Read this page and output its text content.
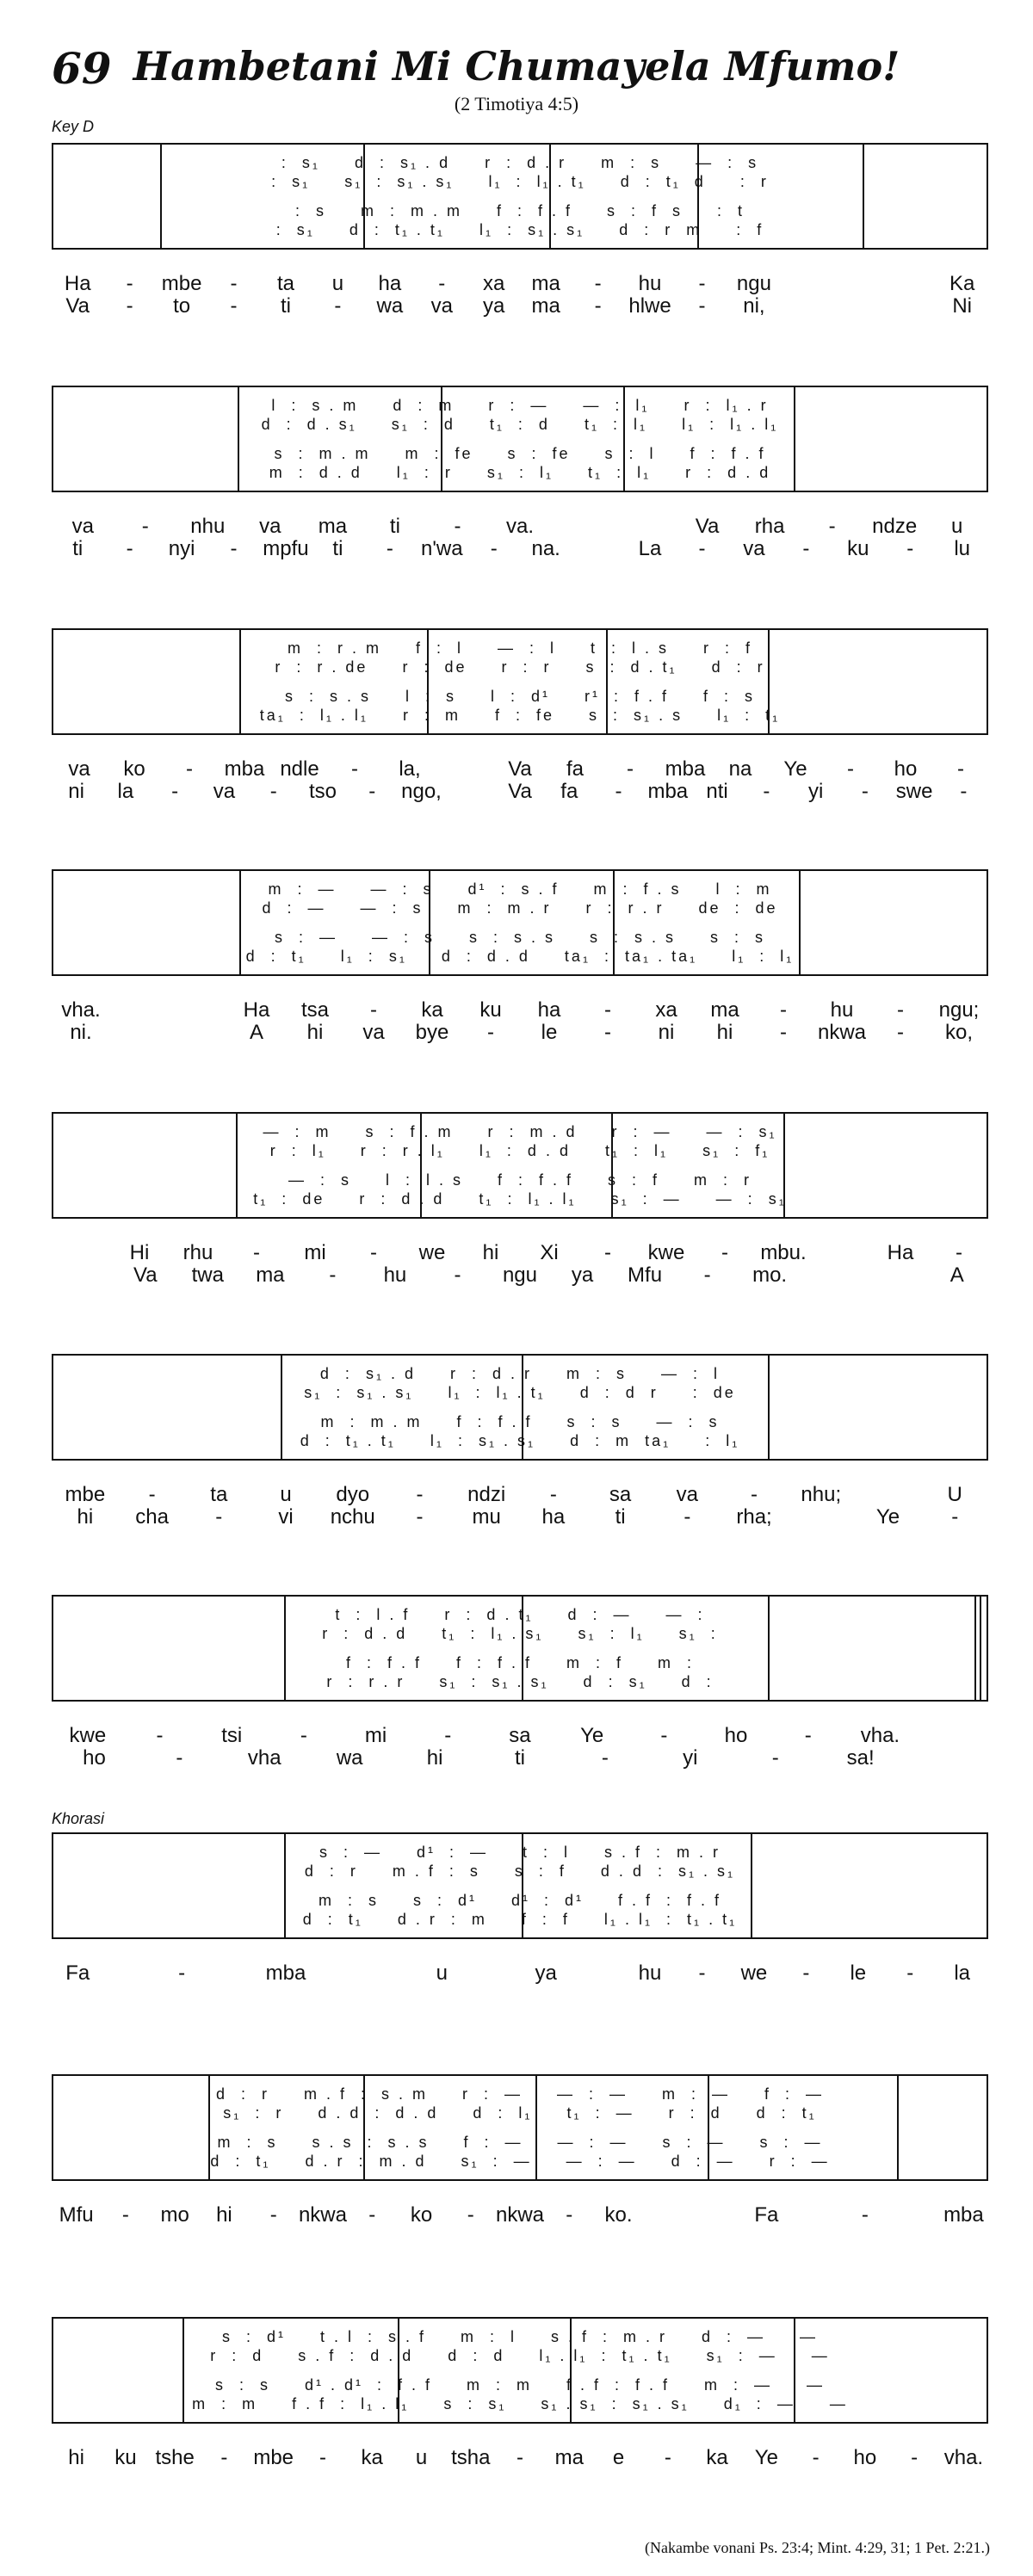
69 Hambetani Mi Chumayela Mfumo!
(2 Timotiya 4:5)
Key D
Khorasi
:  s₁     d  :  s₁ . d     r  :  d . r     m  :  s     —  :  s
:  s₁     s₁  :  s₁ . s₁     l₁  :  l₁ . t₁     d  :  t₁  d     :  r
:  s     m  :  m . m     f  :  f . f     s  :  f  s     :  t
:  s₁     d  :  t₁ . t₁     l₁  :  s₁ . s₁     d  :  r  m     :  f
Ha	-	mbe	-	ta	u	ha	-	xa	ma	-	hu	-	ngu	Ka
Va	-	to	-	ti	-	wa	va	ya	ma	-	hlwe	-	ni,	Ni
l  :  s . m     d  :  m     r  :  —     —  :  l₁     r  :  l₁ . r
d  :  d . s₁     s₁  :  d     t₁  :  d     t₁  :  l₁     l₁  :  l₁ . l₁
s  :  m . m     m  :  fe     s  :  fe     s  :  l     f  :  f . f
m  :  d . d     l₁  :  r     s₁  :  l₁     t₁  :  l₁     r  :  d . d
va	-	nhu	va	ma	ti	-	va.	Va	rha	-	ndze	u
ti	-	nyi	-	mpfu	ti	-	n'wa	-	na.	La	-	va	-	ku	-	lu
m  :  r . m     f  :  l     —  :  l     t  :  l . s     r  :  f
r  :  r . de     r  :  de     r  :  r     s  :  d . t₁     d  :  r
s  :  s . s     l  :  s     l  :  d¹     r¹  :  f . f     f  :  s
ta₁  :  l₁ . l₁     r  :  m     f  :  fe     s  :  s₁ . s     l₁  :  t₁
va	ko	-	mba ndle	-	la,	Va	fa	-	mba	na	Ye	-	ho	-
ni	la	-	va	-	tso	-	ngo,	Va	fa	-	mba nti	-	yi	-	swe	-
m  :  —     —  :  s     d¹  :  s . f     m  :  f . s     l  :  m
d  :  —     —  :  s     m  :  m . r     r  :  r . r     de  :  de
s  :  —     —  :  s     s  :  s . s     s  :  s . s     s  :  s
d  :  t₁     l₁  :  s₁     d  :  d . d     ta₁  :  ta₁ . ta₁     l₁  :  l₁
vha.	Ha	tsa	-	ka	ku	ha	-	xa	ma	-	hu	-	ngu;
ni.	A	hi	va	bye	-	le	-	ni	hi	-	nkwa	-	ko,
—  :  m     s  :  f . m     r  :  m . d     r  :  —     —  :  s₁
r  :  l₁     r  :  r . l₁     l₁  :  d . d     t₁  :  l₁     s₁  :  f₁
—  :  s     l  :  l . s     f  :  f . f     s  :  f     m  :  r
t₁  :  de     r  :  d . d     t₁  :  l₁ . l₁     s₁  :  —     —  :  s₁
Hi	rhu	-	mi	-	we	hi	Xi	-	kwe	-	mbu.	Ha	-
Va	twa	ma	-	hu	-	ngu	ya	Mfu	-	mo.	A
d  :  s₁ . d     r  :  d . r     m  :  s     —  :  l
s₁  :  s₁ . s₁     l₁  :  l₁ . t₁     d  :  d  r     :  de
m  :  m . m     f  :  f . f     s  :  s     —  :  s
d  :  t₁ . t₁     l₁  :  s₁ . s₁     d  :  m  ta₁     :  l₁
mbe	-	ta	u	dyo	-	ndzi	-	sa	va	-	nhu;	U
hi	cha	-	vi	nchu	-	mu	ha	ti	-	rha;	Ye	-
t  :  l . f     r  :  d . t₁     d  :  —     —  :
r  :  d . d     t₁  :  l₁ . s₁     s₁  :  l₁     s₁  :
f  :  f . f     f  :  f . f     m  :  f     m  :
r  :  r . r     s₁  :  s₁ . s₁     d  :  s₁     d  :
kwe	-	tsi	-	mi	-	sa	Ye	-	ho	-	vha.
ho	-	vha	wa	hi	ti	-	yi	-	sa!
s  :  —     d¹  :  —     t  :  l     s . f  :  m . r
d  :  r     m . f  :  s     s  :  f     d . d  :  s₁ . s₁
m  :  s     s  :  d¹     d¹  :  d¹     f . f  :  f . f
d  :  t₁     d . r  :  m     f  :  f     l₁ . l₁  :  t₁ . t₁
Fa	-	mba	u	ya	hu	-	we	-	le	-	la
d  :  r     m . f  :  s . m     r  :  —     —  :  —     m  :  —     f  :  —
s₁  :  r     d . d  :  d . d     d  :  l₁     t₁  :  —     r  :  d     d  :  t₁
m  :  s     s . s  :  s . s     f  :  —     —  :  —     s  :  —     s  :  —
d  :  t₁     d . r  :  m . d     s₁  :  —     —  :  —     d  :  —     r  :  —
Mfu	-	mo	hi	-	nkwa	-	ko	-	nkwa	-	ko.	Fa	-	mba
s  :  d¹     t . l  :  s . f     m  :  l     s . f  :  m . r     d  :  —     —
r  :  d     s . f  :  d . d     d  :  d     l₁ . l₁  :  t₁ . t₁     s₁  :  —     —
s  :  s     d¹ . d¹  :  f . f     m  :  m     f . f  :  f . f     m  :  —     —
m  :  m     f . f  :  l₁ . l₁     s  :  s₁     s₁ . s₁  :  s₁ . s₁     d₁  :  —     —
hi	ku tshe	-	mbe	-	ka	u	tsha	-	ma	e	-	ka	Ye	-	ho	-	vha.
(Nakambe vonani Ps. 23:4; Mint. 4:29, 31; 1 Pet. 2:21.)
